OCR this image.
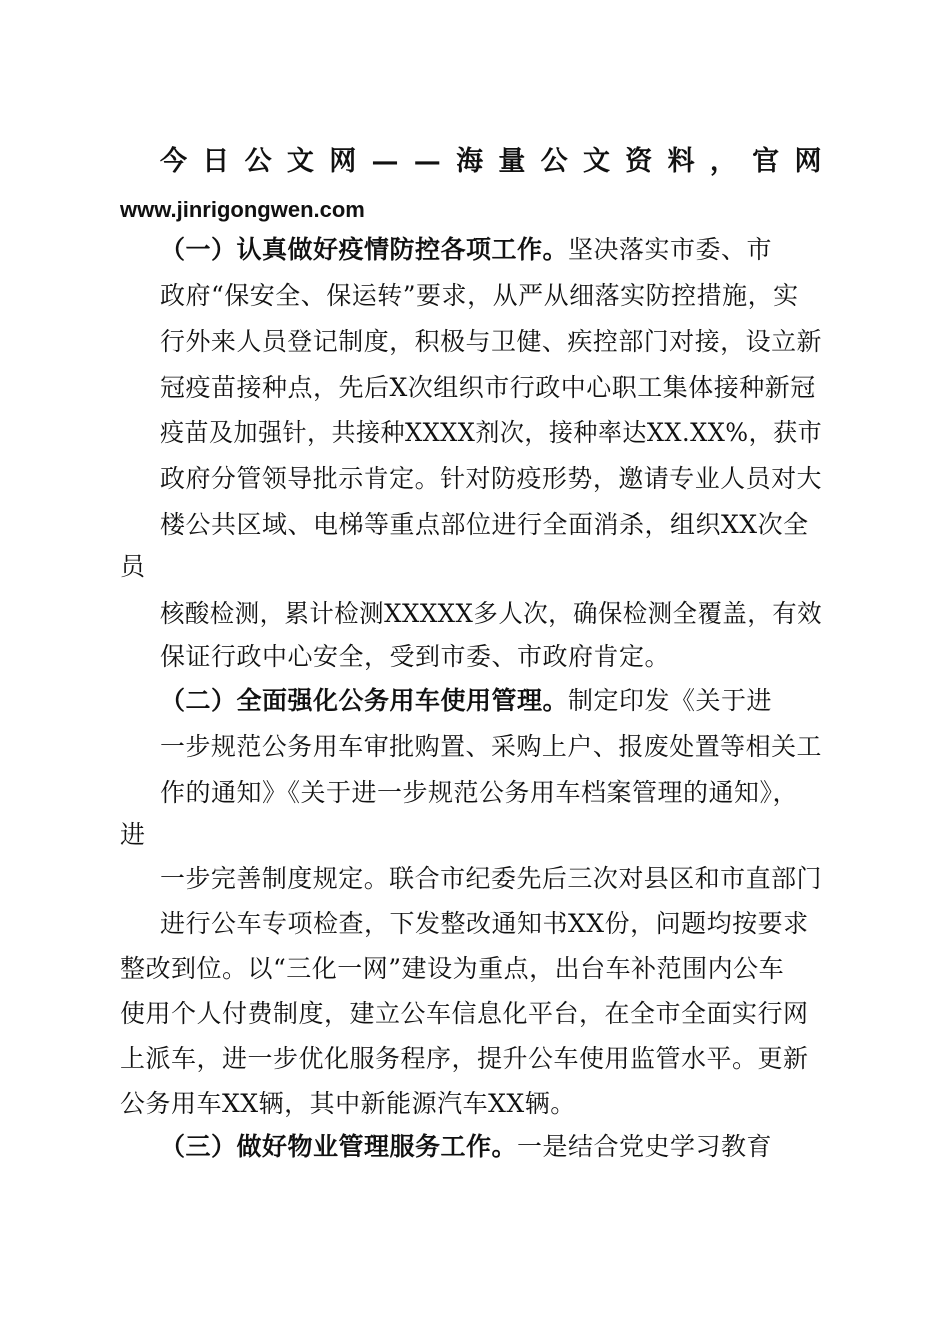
今 日 公 文 网 — — 海 量 公 文 资 料 ， 官 网
www.jinrigongwen.com
（一）认真做好疫情防控各项工作。坚决落实市委、市
政府“保安全、保运转”要求，从严从细落实防控措施，实
行外来人员登记制度，积极与卫健、疾控部门对接，设立新
冠疫苗接种点，先后X次组织市行政中心职工集体接种新冠
疫苗及加强针，共接种XXXX剂次，接种率达XX.XX%，获市
政府分管领导批示肯定。针对防疫形势，邀请专业人员对大
楼公共区域、电梯等重点部位进行全面消杀，组织XX次全
员
核酸检测，累计检测XXXXX多人次，确保检测全覆盖，有效
保证行政中心安全，受到市委、市政府肯定。
（二）全面强化公务用车使用管理。制定印发《关于进
一步规范公务用车审批购置、采购上户、报废处置等相关工
作的通知》《关于进一步规范公务用车档案管理的通知》，
进
一步完善制度规定。联合市纪委先后三次对县区和市直部门
进行公车专项检查，下发整改通知书XX份，问题均按要求
整改到位。以“三化一网”建设为重点，出台车补范围内公车
使用个人付费制度，建立公车信息化平台，在全市全面实行网
上派车，进一步优化服务程序，提升公车使用监管水平。更新
公务用车XX辆，其中新能源汽车XX辆。
（三）做好物业管理服务工作。一是结合党史学习教育
